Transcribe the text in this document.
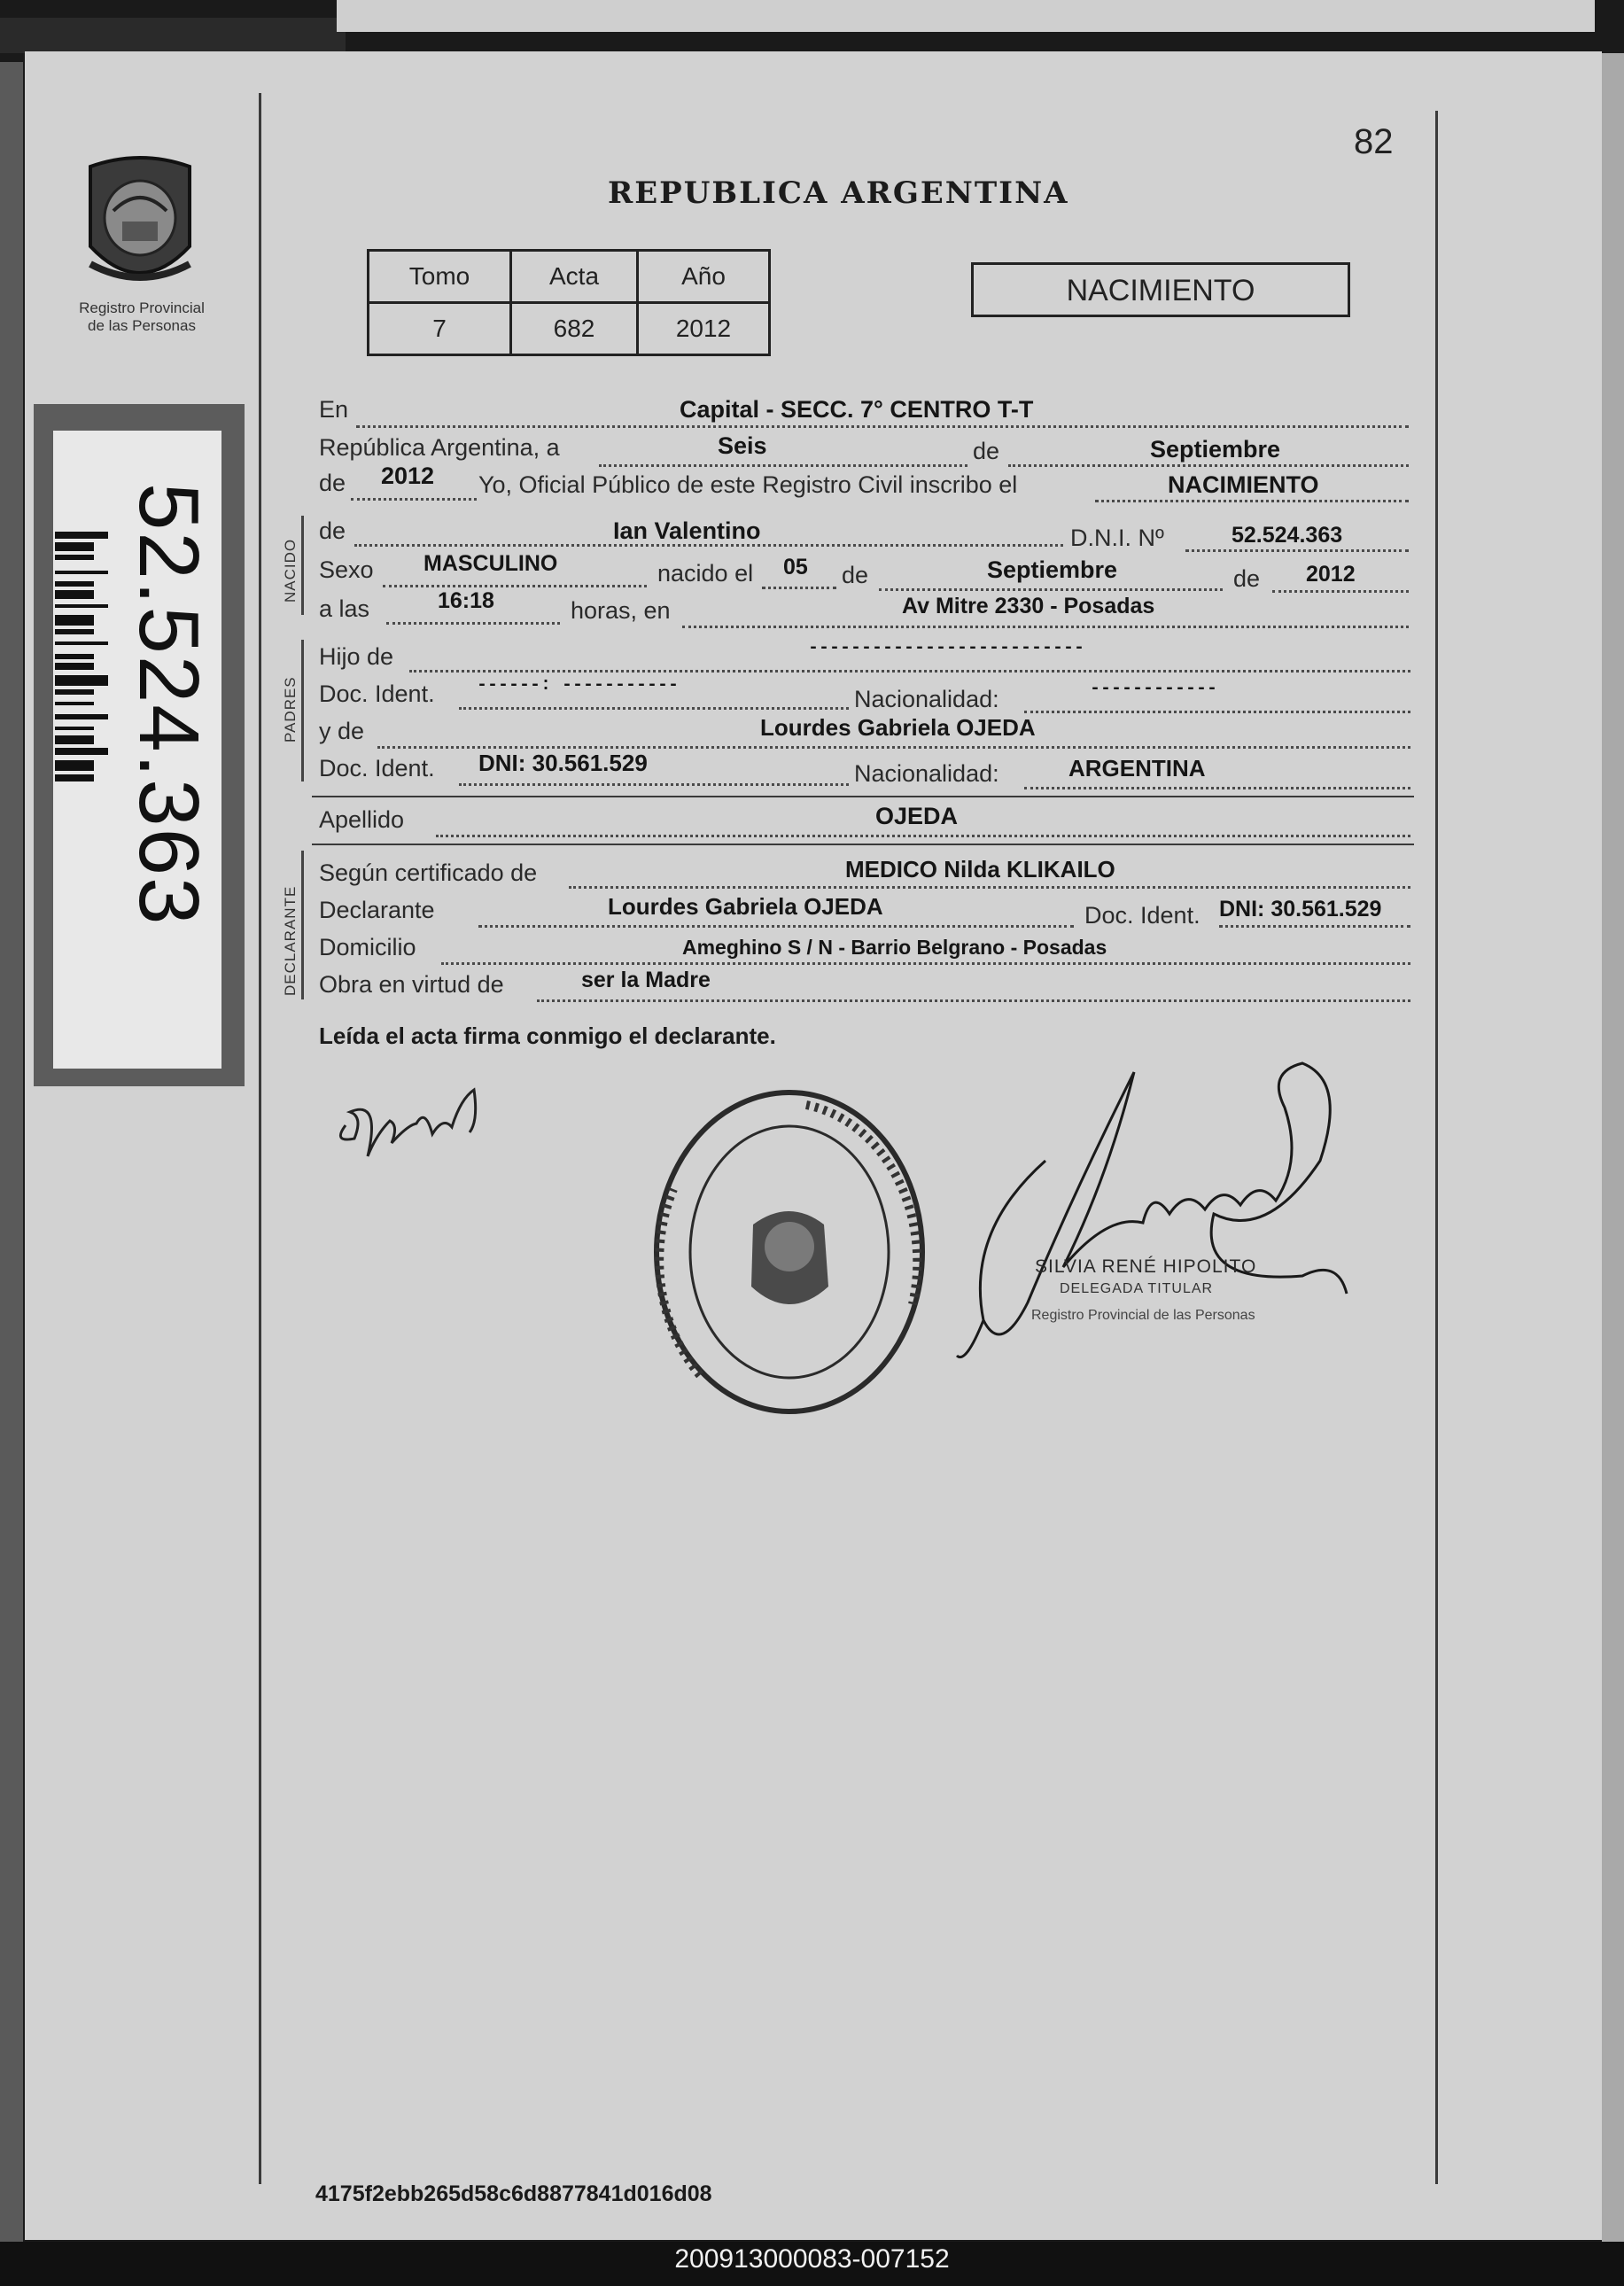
82
Registro Provincial
de las Personas
REPUBLICA ARGENTINA
Tomo	Acta	Año
7	682	2012
NACIMIENTO
52.524.363	NACIDO
PADRES
DECLARANTE
En	Capital - SECC. 7° CENTRO T-T
República Argentina, a	Seis	de	Septiembre
de 2012 Yo, Oficial Público de este Registro Civil inscribo el	NACIMIENTO
de	Ian Valentino	D.N.I. Nº	52.524.363
Sexo MASCULINO	nacido el 05 de	Septiembre	de 2012
a las	16:18	horas, en	Av Mitre 2330 - Posadas
Hijo de	--------------------------
Doc. Ident. ------: -----------
Nacionalidad:	------------
y de	Lourdes Gabriela OJEDA
Doc. Ident. DNI: 30.561.529	Nacionalidad:	ARGENTINA
Apellido	OJEDA
Según certificado de	MEDICO Nilda KLIKAILO
Declarante	Lourdes Gabriela OJEDA	Doc. Ident. DNI: 30.561.529
Domicilio	Ameghino S / N - Barrio Belgrano - Posadas
Obra en virtud de	ser la Madre
Leída el acta firma conmigo el declarante.
SILVIA RENÉ HIPOLITO
DELEGADA TITULAR
Registro Provincial de las Personas
4175f2ebb265d58c6d8877841d016d08
200913000083-007152
